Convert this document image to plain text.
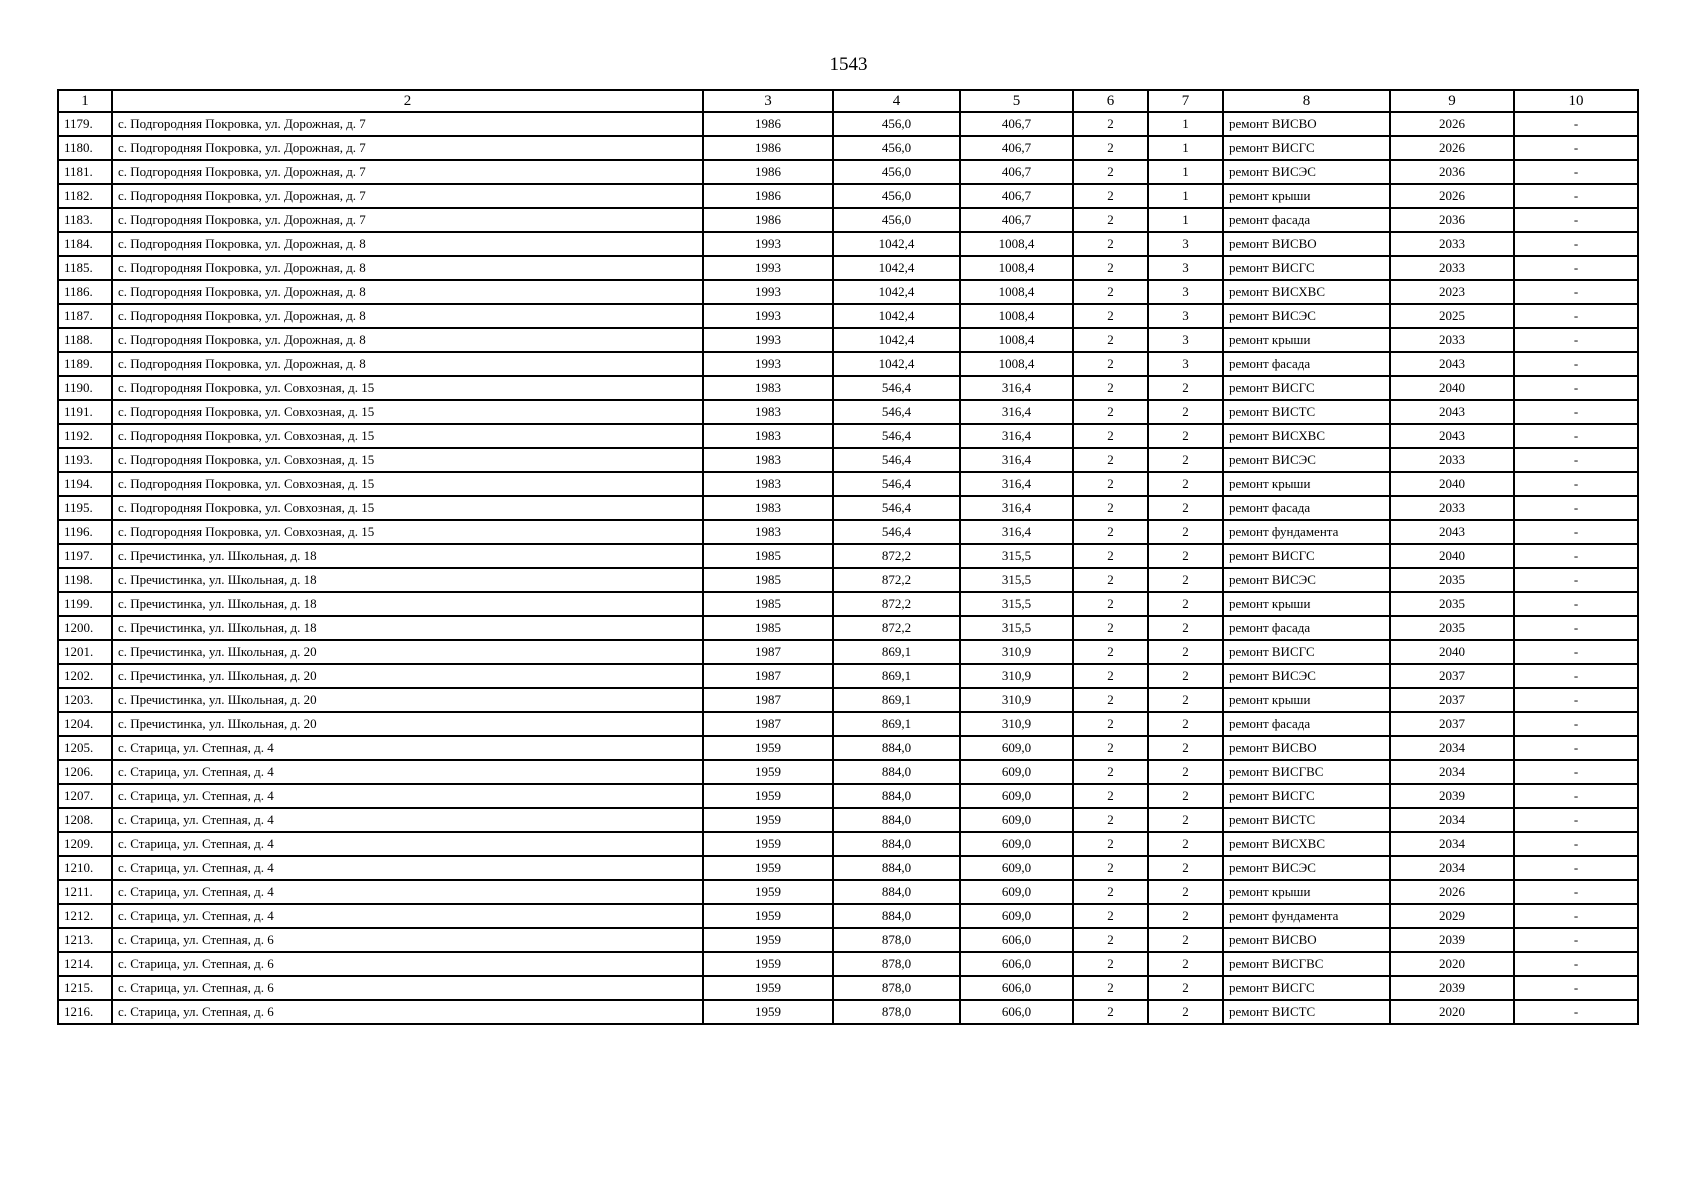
1543
1	2	3	4	5	6	7	8	9	10
1179.	с. Подгородняя Покровка, ул. Дорожная, д. 7	1986	456,0	406,7	2	1	ремонт ВИСВО	2026	-
1180.	с. Подгородняя Покровка, ул. Дорожная, д. 7	1986	456,0	406,7	2	1	ремонт ВИСГС	2026	-
1181.	с. Подгородняя Покровка, ул. Дорожная, д. 7	1986	456,0	406,7	2	1	ремонт ВИСЭС	2036	-
1182.	с. Подгородняя Покровка, ул. Дорожная, д. 7	1986	456,0	406,7	2	1	ремонт крыши	2026	-
1183.	с. Подгородняя Покровка, ул. Дорожная, д. 7	1986	456,0	406,7	2	1	ремонт фасада	2036	-
1184.	с. Подгородняя Покровка, ул. Дорожная, д. 8	1993	1042,4	1008,4	2	3	ремонт ВИСВО	2033	-
1185.	с. Подгородняя Покровка, ул. Дорожная, д. 8	1993	1042,4	1008,4	2	3	ремонт ВИСГС	2033	-
1186.	с. Подгородняя Покровка, ул. Дорожная, д. 8	1993	1042,4	1008,4	2	3	ремонт ВИСХВС	2023	-
1187.	с. Подгородняя Покровка, ул. Дорожная, д. 8	1993	1042,4	1008,4	2	3	ремонт ВИСЭС	2025	-
1188.	с. Подгородняя Покровка, ул. Дорожная, д. 8	1993	1042,4	1008,4	2	3	ремонт крыши	2033	-
1189.	с. Подгородняя Покровка, ул. Дорожная, д. 8	1993	1042,4	1008,4	2	3	ремонт фасада	2043	-
1190.	с. Подгородняя Покровка, ул. Совхозная, д. 15	1983	546,4	316,4	2	2	ремонт ВИСГС	2040	-
1191.	с. Подгородняя Покровка, ул. Совхозная, д. 15	1983	546,4	316,4	2	2	ремонт ВИСТС	2043	-
1192.	с. Подгородняя Покровка, ул. Совхозная, д. 15	1983	546,4	316,4	2	2	ремонт ВИСХВС	2043	-
1193.	с. Подгородняя Покровка, ул. Совхозная, д. 15	1983	546,4	316,4	2	2	ремонт ВИСЭС	2033	-
1194.	с. Подгородняя Покровка, ул. Совхозная, д. 15	1983	546,4	316,4	2	2	ремонт крыши	2040	-
1195.	с. Подгородняя Покровка, ул. Совхозная, д. 15	1983	546,4	316,4	2	2	ремонт фасада	2033	-
1196.	с. Подгородняя Покровка, ул. Совхозная, д. 15	1983	546,4	316,4	2	2	ремонт фундамента	2043	-
1197.	с. Пречистинка, ул. Школьная, д. 18	1985	872,2	315,5	2	2	ремонт ВИСГС	2040	-
1198.	с. Пречистинка, ул. Школьная, д. 18	1985	872,2	315,5	2	2	ремонт ВИСЭС	2035	-
1199.	с. Пречистинка, ул. Школьная, д. 18	1985	872,2	315,5	2	2	ремонт крыши	2035	-
1200.	с. Пречистинка, ул. Школьная, д. 18	1985	872,2	315,5	2	2	ремонт фасада	2035	-
1201.	с. Пречистинка, ул. Школьная, д. 20	1987	869,1	310,9	2	2	ремонт ВИСГС	2040	-
1202.	с. Пречистинка, ул. Школьная, д. 20	1987	869,1	310,9	2	2	ремонт ВИСЭС	2037	-
1203.	с. Пречистинка, ул. Школьная, д. 20	1987	869,1	310,9	2	2	ремонт крыши	2037	-
1204.	с. Пречистинка, ул. Школьная, д. 20	1987	869,1	310,9	2	2	ремонт фасада	2037	-
1205.	с. Старица, ул. Степная, д. 4	1959	884,0	609,0	2	2	ремонт ВИСВО	2034	-
1206.	с. Старица, ул. Степная, д. 4	1959	884,0	609,0	2	2	ремонт ВИСГВС	2034	-
1207.	с. Старица, ул. Степная, д. 4	1959	884,0	609,0	2	2	ремонт ВИСГС	2039	-
1208.	с. Старица, ул. Степная, д. 4	1959	884,0	609,0	2	2	ремонт ВИСТС	2034	-
1209.	с. Старица, ул. Степная, д. 4	1959	884,0	609,0	2	2	ремонт ВИСХВС	2034	-
1210.	с. Старица, ул. Степная, д. 4	1959	884,0	609,0	2	2	ремонт ВИСЭС	2034	-
1211.	с. Старица, ул. Степная, д. 4	1959	884,0	609,0	2	2	ремонт крыши	2026	-
1212.	с. Старица, ул. Степная, д. 4	1959	884,0	609,0	2	2	ремонт фундамента	2029	-
1213.	с. Старица, ул. Степная, д. 6	1959	878,0	606,0	2	2	ремонт ВИСВО	2039	-
1214.	с. Старица, ул. Степная, д. 6	1959	878,0	606,0	2	2	ремонт ВИСГВС	2020	-
1215.	с. Старица, ул. Степная, д. 6	1959	878,0	606,0	2	2	ремонт ВИСГС	2039	-
1216.	с. Старица, ул. Степная, д. 6	1959	878,0	606,0	2	2	ремонт ВИСТС	2020	-
